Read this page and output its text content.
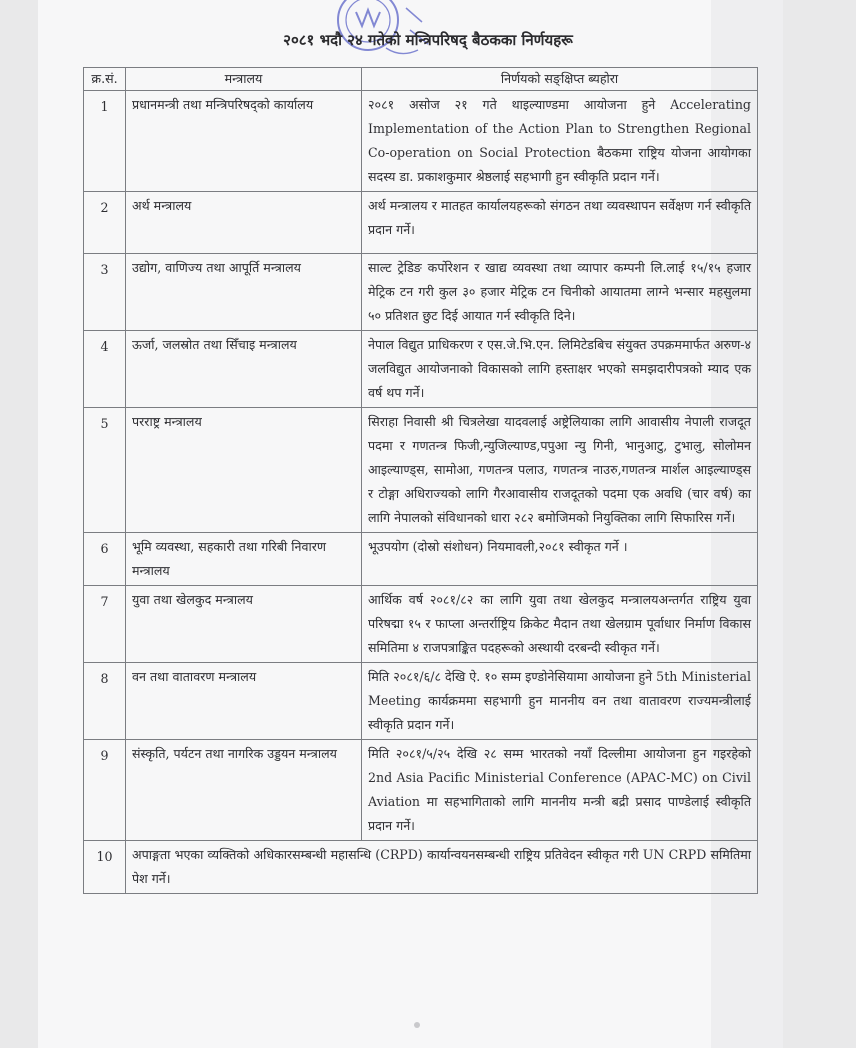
२०८१ भदौ २४ गतेको मन्त्रिपरिषद् बैठकका निर्णयहरू
क्र.सं.	मन्त्रालय	निर्णयको सङ्क्षिप्त ब्यहोरा
1	प्रधानमन्त्री तथा मन्त्रिपरिषद्को कार्यालय	२०८१ असोज २१ गते थाइल्याण्डमा आयोजना हुने Accelerating Implementation of the Action Plan to Strengthen Regional Co-operation on Social Protection बैठकमा राष्ट्रिय योजना आयोगका सदस्य डा. प्रकाशकुमार श्रेष्ठलाई सहभागी हुन स्वीकृति प्रदान गर्ने।
2	अर्थ मन्त्रालय	अर्थ मन्त्रालय र मातहत कार्यालयहरूको संगठन तथा व्यवस्थापन सर्वेक्षण गर्न स्वीकृति प्रदान गर्ने।
3	उद्योग, वाणिज्य तथा आपूर्ति मन्त्रालय	साल्ट ट्रेडिङ कर्पोरेशन र खाद्य व्यवस्था तथा व्यापार कम्पनी लि.लाई १५/१५ हजार मेट्रिक टन गरी कुल ३० हजार मेट्रिक टन चिनीको आयातमा लाग्ने भन्सार महसुलमा ५० प्रतिशत छुट दिई आयात गर्न स्वीकृति दिने।
4	ऊर्जा, जलस्रोत तथा सिँचाइ मन्त्रालय	नेपाल विद्युत प्राधिकरण र एस.जे.भि.एन. लिमिटेडबिच संयुक्त उपक्रममार्फत अरुण-४ जलविद्युत आयोजनाको विकासको लागि हस्ताक्षर भएको समझदारीपत्रको म्याद एक वर्ष थप गर्ने।
5	परराष्ट्र मन्त्रालय	सिराहा निवासी श्री चित्रलेखा यादवलाई अष्ट्रेलियाका लागि आवासीय नेपाली राजदूत पदमा र गणतन्त्र फिजी,न्युजिल्याण्ड,पपुआ न्यु गिनी, भानुआटु, टुभालु, सोलोमन आइल्याण्ड्स, सामोआ, गणतन्त्र पलाउ, गणतन्त्र नाउरु,गणतन्त्र मार्शल आइल्याण्ड्स र टोङ्गा अधिराज्यको लागि गैरआवासीय राजदूतको पदमा एक अवधि (चार वर्ष) का लागि नेपालको संविधानको धारा २८२ बमोजिमको नियुक्तिका लागि सिफारिस गर्ने।
6	भूमि व्यवस्था, सहकारी तथा गरिबी निवारण मन्त्रालय	भूउपयोग (दोस्रो संशोधन) नियमावली,२०८१ स्वीकृत गर्ने ।
7	युवा तथा खेलकुद मन्त्रालय	आर्थिक वर्ष २०८१/८२ का लागि युवा तथा खेलकुद मन्त्रालयअन्तर्गत राष्ट्रिय युवा परिषद्मा १५ र फाप्ला अन्तर्राष्ट्रिय क्रिकेट मैदान तथा खेलग्राम पूर्वाधार निर्माण विकास समितिमा ४ राजपत्राङ्कित पदहरूको अस्थायी दरबन्दी स्वीकृत गर्ने।
8	वन तथा वातावरण मन्त्रालय	मिति २०८१/६/८ देखि ऐ. १० सम्म इण्डोनेसियामा आयोजना हुने 5th Ministerial Meeting कार्यक्रममा सहभागी हुन माननीय वन तथा वातावरण राज्यमन्त्रीलाई स्वीकृति प्रदान गर्ने।
9	संस्कृति, पर्यटन तथा नागरिक उड्डयन मन्त्रालय	मिति २०८१/५/२५ देखि २८ सम्म भारतको नयाँ दिल्लीमा आयोजना हुन गइरहेको 2nd Asia Pacific Ministerial Conference (APAC-MC) on Civil Aviation मा सहभागिताको लागि माननीय मन्त्री बद्री प्रसाद पाण्डेलाई स्वीकृति प्रदान गर्ने।
10	अपाङ्गता भएका व्यक्तिको अधिकारसम्बन्धी महासन्धि (CRPD) कार्यान्वयनसम्बन्धी राष्ट्रिय प्रतिवेदन स्वीकृत गरी UN CRPD समितिमा पेश गर्ने।	
